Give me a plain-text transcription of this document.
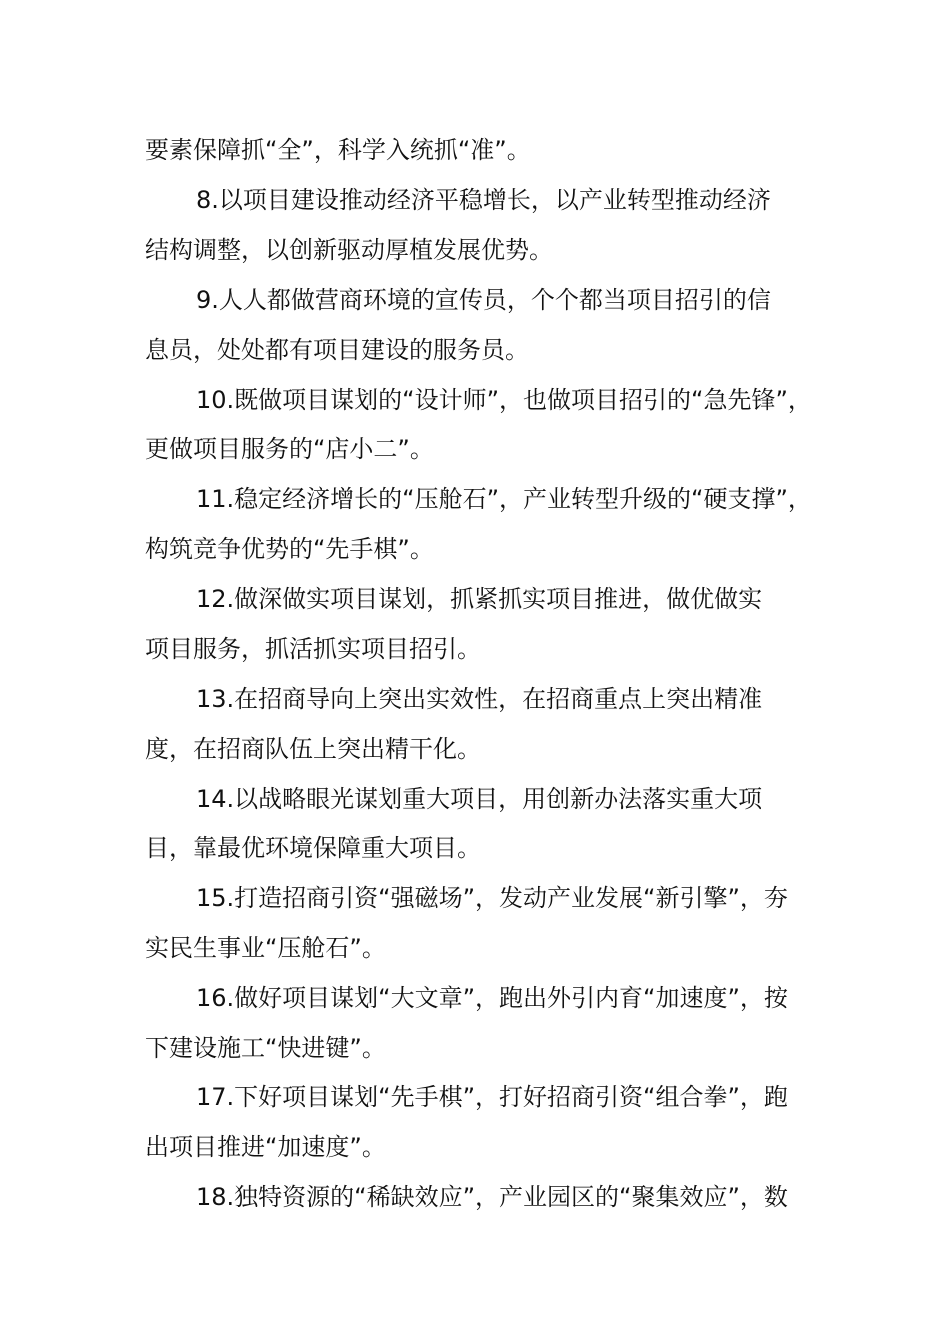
要素保障抓“全”，科学入统抓“准”。
8.以项目建设推动经济平稳增长，以产业转型推动经济
结构调整，以创新驱动厚植发展优势。
9.人人都做营商环境的宣传员，个个都当项目招引的信
息员，处处都有项目建设的服务员。
10.既做项目谋划的“设计师”，也做项目招引的“急先锋”，
更做项目服务的“店小二”。
11.稳定经济增长的“压舱石”，产业转型升级的“硬支撑”，
构筑竞争优势的“先手棋”。
12.做深做实项目谋划，抓紧抓实项目推进，做优做实
项目服务，抓活抓实项目招引。
13.在招商导向上突出实效性，在招商重点上突出精准
度，在招商队伍上突出精干化。
14.以战略眼光谋划重大项目，用创新办法落实重大项
目，靠最优环境保障重大项目。
15.打造招商引资“强磁场”，发动产业发展“新引擎”，夯
实民生事业“压舱石”。
16.做好项目谋划“大文章”，跑出外引内育“加速度”，按
下建设施工“快进键”。
17.下好项目谋划“先手棋”，打好招商引资“组合拳”，跑
出项目推进“加速度”。
18.独特资源的“稀缺效应”，产业园区的“聚集效应”，数
